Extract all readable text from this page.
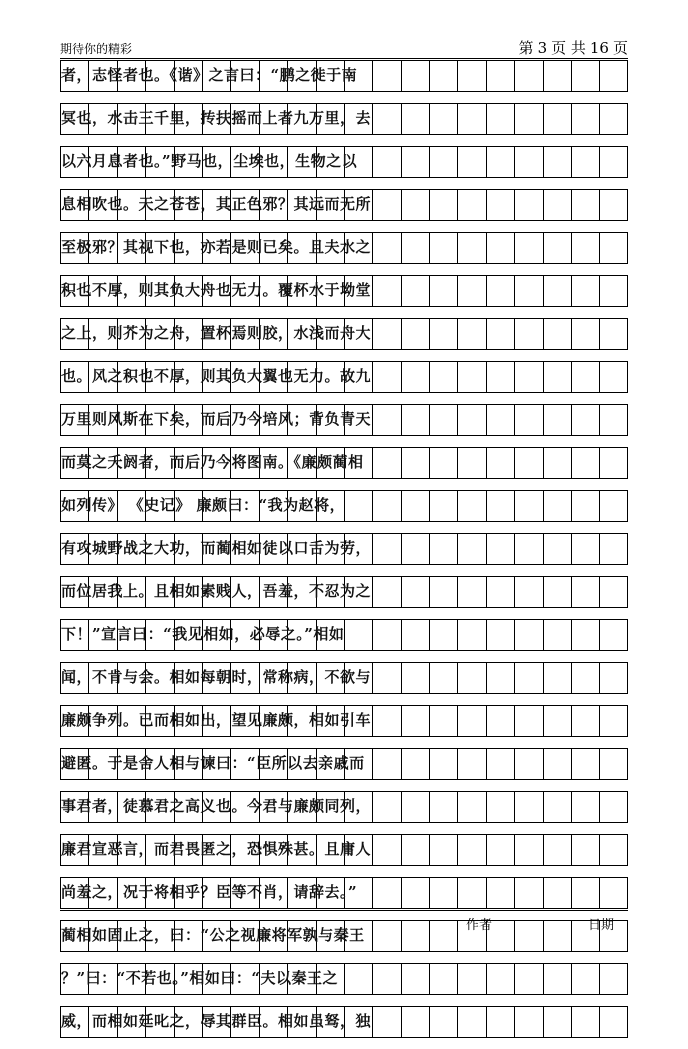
期待你的精彩	第 3 页 共 16 页
者，志怪者也。《谐》之言曰：“鹏之徙于南
冥也，水击三千里，抟扶摇而上者九万里，去
以六月息者也。”野马也，尘埃也，生物之以
息相吹也。天之苍苍，其正色邪？其远而无所
至极邪？其视下也，亦若是则已矣。且夫水之
积也不厚，则其负大舟也无力。覆杯水于坳堂
之上，则芥为之舟，置杯焉则胶，水浅而舟大
也。风之积也不厚，则其负大翼也无力。故九
万里则风斯在下矣，而后乃今培风；背负青天
而莫之夭阏者，而后乃今将图南。《廉颇蔺相
如列传》 《史记》 廉颇曰：“我为赵将，
有攻城野战之大功，而蔺相如徒以口舌为劳，
而位居我上。且相如素贱人，吾羞，不忍为之
下！”宣言曰：“我见相如，必辱之。”相如
闻，不肯与会。相如每朝时，常称病，不欲与
廉颇争列。已而相如出，望见廉颇，相如引车
避匿。于是舍人相与谏曰：“臣所以去亲戚而
事君者，徒慕君之高义也。今君与廉颇同列，
廉君宣恶言，而君畏匿之，恐惧殊甚。且庸人
尚羞之，况于将相乎？臣等不肖，请辞去。”
蔺相如固止之，曰：“公之视廉将军孰与秦王
？”曰：“不若也。”相如曰：“夫以秦王之
威，而相如廷叱之，辱其群臣。相如虽驽，独
作者	日期
